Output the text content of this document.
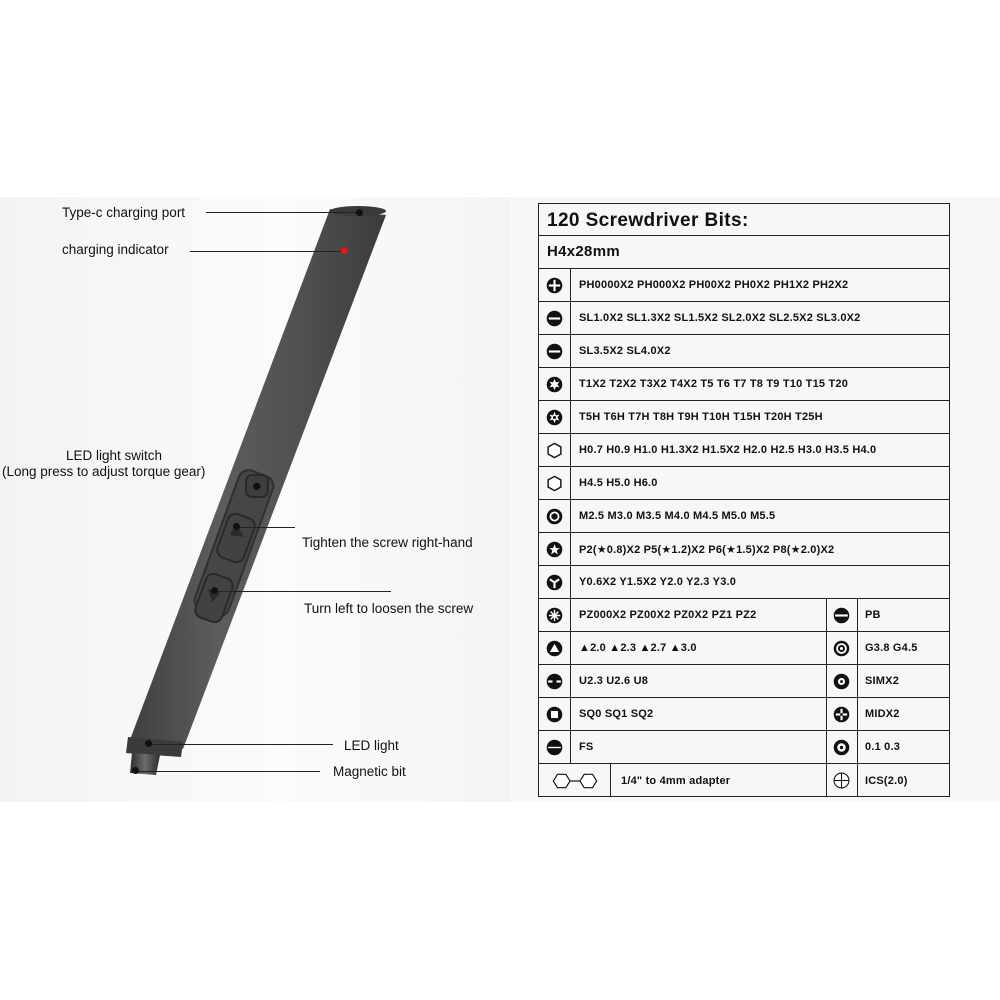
Type-c charging port
charging indicator
LED light switch
(Long press to adjust torque gear)
Tighten the screw right-hand
Turn left to loosen the screw
LED light
Magnetic bit
120 Screwdriver Bits:
H4x28mm
PH0000X2 PH000X2 PH00X2 PH0X2 PH1X2 PH2X2
SL1.0X2 SL1.3X2 SL1.5X2 SL2.0X2 SL2.5X2 SL3.0X2
SL3.5X2 SL4.0X2
T1X2 T2X2 T3X2 T4X2 T5 T6 T7 T8 T9 T10 T15 T20
T5H T6H T7H T8H T9H T10H T15H T20H T25H
H0.7 H0.9 H1.0 H1.3X2 H1.5X2 H2.0 H2.5 H3.0 H3.5 H4.0
H4.5 H5.0 H6.0
M2.5 M3.0 M3.5 M4.0 M4.5 M5.0 M5.5
P2(★0.8)X2 P5(★1.2)X2 P6(★1.5)X2 P8(★2.0)X2
Y0.6X2 Y1.5X2 Y2.0 Y2.3 Y3.0
PZ000X2 PZ00X2 PZ0X2 PZ1 PZ2	PB
▲2.0 ▲2.3 ▲2.7 ▲3.0	G3.8 G4.5
U2.3 U2.6 U8	SIMX2
SQ0 SQ1 SQ2	MIDX2
FS	0.1 0.3
1/4" to 4mm adapter	ICS(2.0)
